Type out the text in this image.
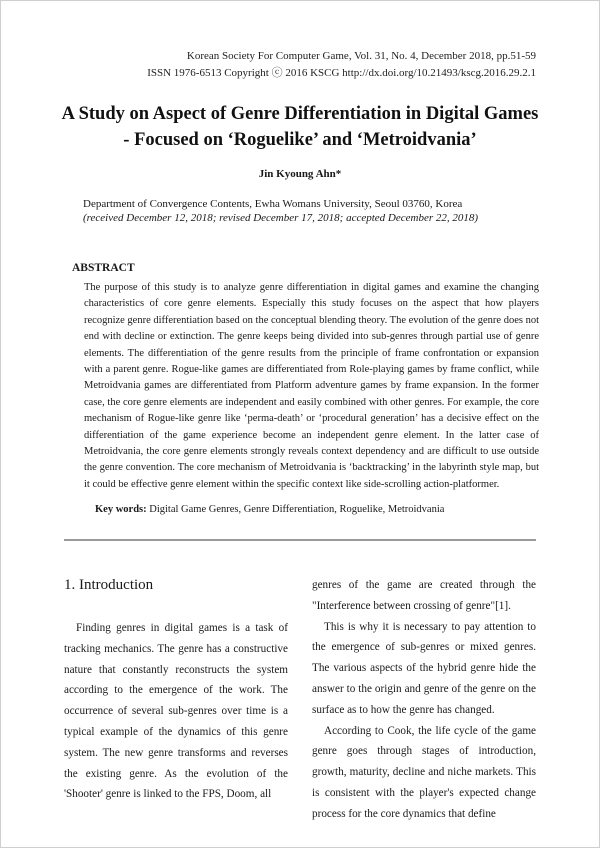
Korean Society For Computer Game, Vol. 31, No. 4, December 2018, pp.51-59
ISSN 1976-6513 Copyright ⓒ 2016 KSCG http://dx.doi.org/10.21493/kscg.2016.29.2.1
A Study on Aspect of Genre Differentiation in Digital Games
- Focused on ‘Roguelike’ and ‘Metroidvania’
Jin Kyoung Ahn*
Department of Convergence Contents, Ewha Womans University, Seoul 03760, Korea
(received December 12, 2018; revised December 17, 2018; accepted December 22, 2018)
ABSTRACT

The purpose of this study is to analyze genre differentiation in digital games and examine the changing characteristics of core genre elements. Especially this study focuses on the aspect that how players recognize genre differentiation based on the conceptual blending theory. The evolution of the genre does not end with decline or extinction. The genre keeps being divided into sub-genres through partial use of genre elements. The differentiation of the genre results from the principle of frame confrontation or expansion with a parent genre. Rogue-like games are differentiated from Role-playing games by frame conflict, while Metroidvania games are differentiated from Platform adventure games by frame expansion. In the former case, the core genre elements are independent and easily combined with other genres. For example, the core mechanism of Rogue-like genre like ‘perma-death’ or ‘procedural generation’ has a decisive effect on the differentiation of the game experience become an independent genre element. In the latter case of Metroidvania, the core genre elements strongly reveals context dependency and are difficult to use outside the genre convention. The core mechanism of Metroidvania is ‘backtracking’ in the labyrinth style map, but it could be effective genre element within the specific context like side-scrolling action-platformer.

Key words: Digital Game Genres, Genre Differentiation, Roguelike, Metroidvania
1. Introduction

Finding genres in digital games is a task of tracking mechanics. The genre has a constructive nature that constantly reconstructs the system according to the emergence of the work. The occurrence of several sub-genres over time is a typical example of the dynamics of this genre system. The new genre transforms and reverses the existing genre. As the evolution of the 'Shooter' genre is linked to the FPS, Doom, all

genres of the game are created through the "Interference between crossing of genre"[1].

This is why it is necessary to pay attention to the emergence of sub-genres or mixed genres. The various aspects of the hybrid genre hide the answer to the origin and genre of the genre on the surface as to how the genre has changed.

According to Cook, the life cycle of the game genre goes through stages of introduction, growth, maturity, decline and niche markets. This is consistent with the player's expected change process for the core dynamics that define
